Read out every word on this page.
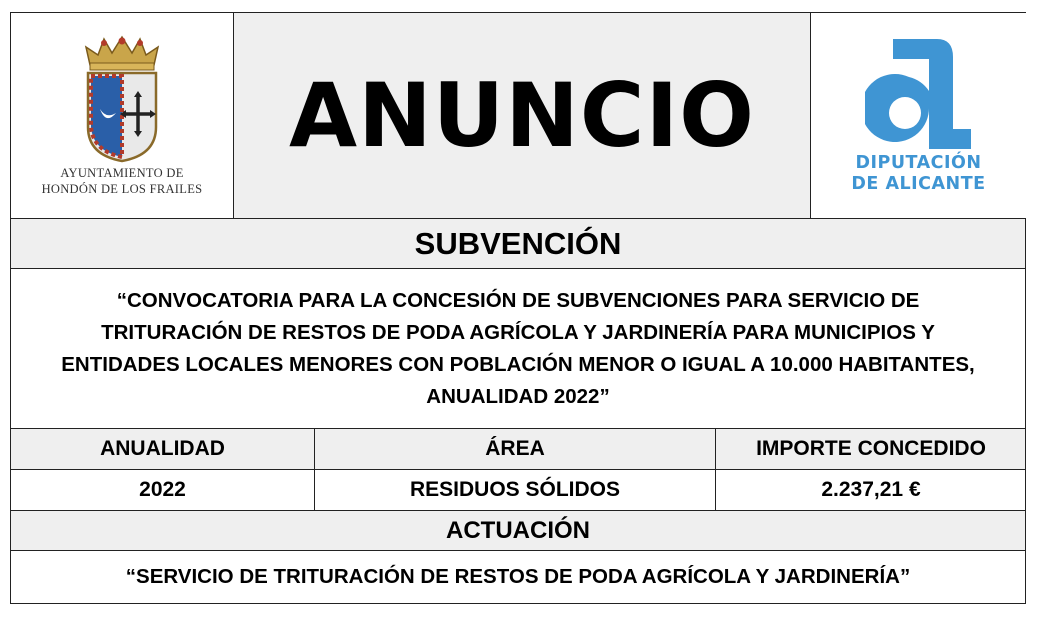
AYUNTAMIENTO DE
HONDÓN DE LOS FRAILES
ANUNCIO	DIPUTACIÓN
DE ALICANTE
SUBVENCIÓN
“CONVOCATORIA PARA LA CONCESIÓN DE SUBVENCIONES PARA SERVICIO DE
TRITURACIÓN DE RESTOS DE PODA AGRÍCOLA Y JARDINERÍA PARA MUNICIPIOS Y
ENTIDADES LOCALES MENORES CON POBLACIÓN MENOR O IGUAL A 10.000 HABITANTES,
ANUALIDAD 2022”
ANUALIDAD	ÁREA	IMPORTE CONCEDIDO
2022	RESIDUOS SÓLIDOS	2.237,21 €
ACTUACIÓN
“SERVICIO DE TRITURACIÓN DE RESTOS DE PODA AGRÍCOLA Y JARDINERÍA”
